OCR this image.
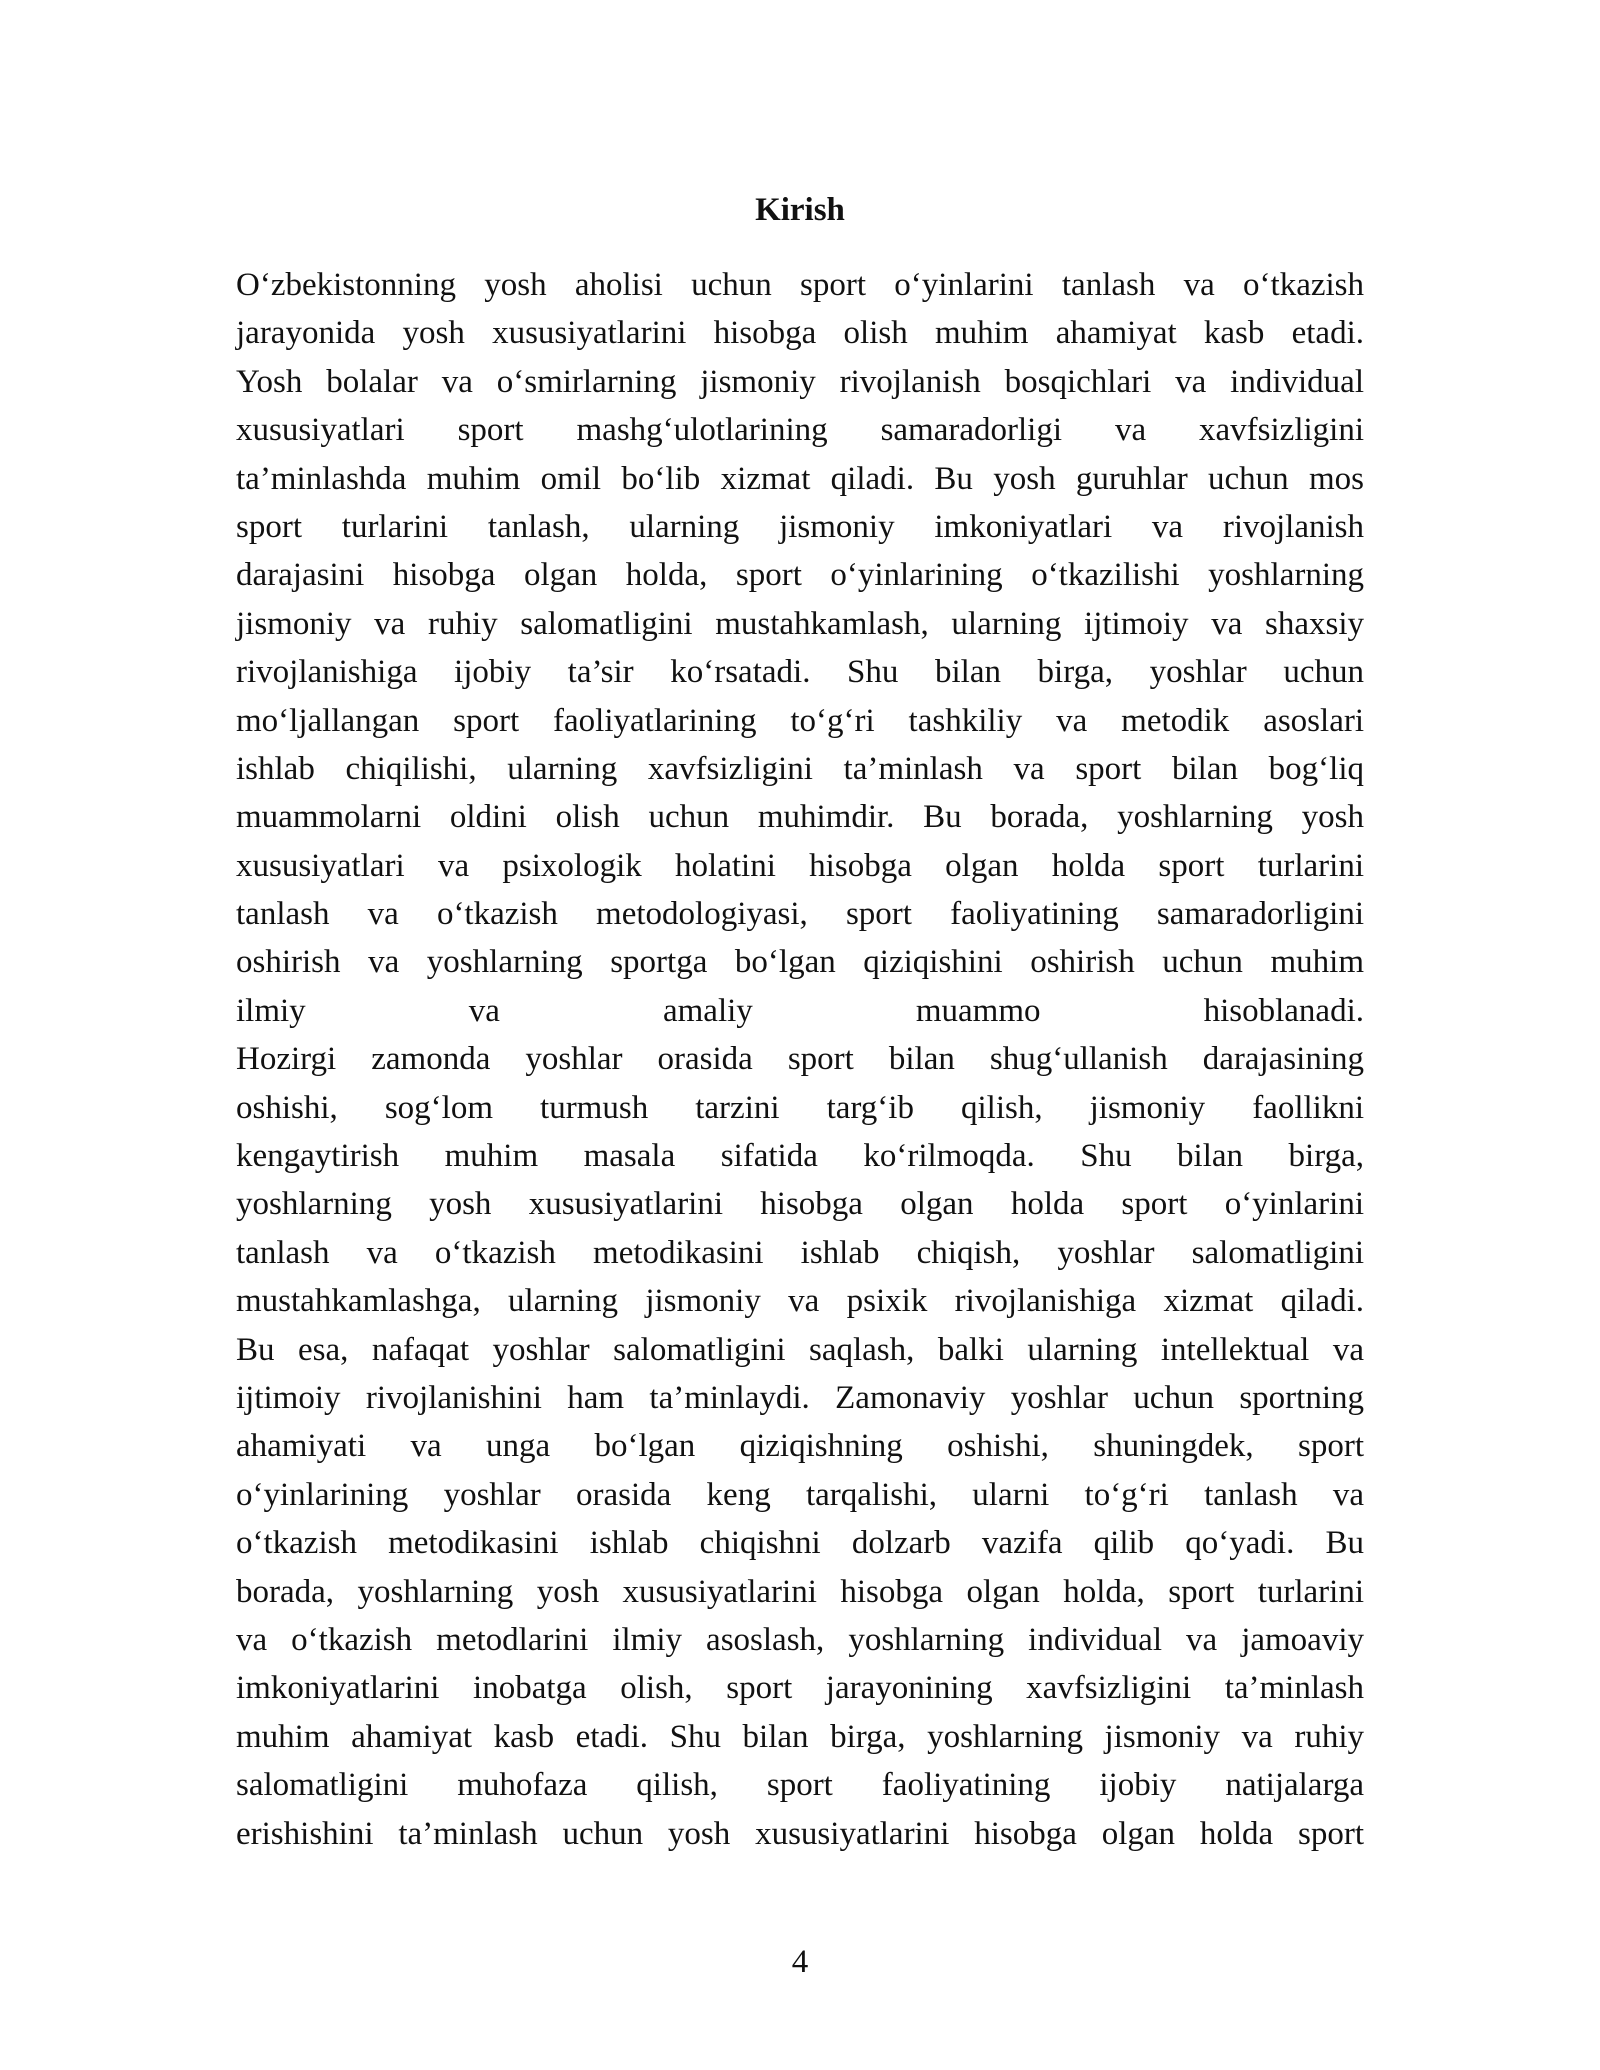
Kirish
O‘zbekistonning yosh aholisi uchun sport o‘yinlarini tanlash va o‘tkazish
jarayonida yosh xususiyatlarini hisobga olish muhim ahamiyat kasb etadi.
Yosh bolalar va o‘smirlarning jismoniy rivojlanish bosqichlari va individual
xususiyatlari sport mashg‘ulotlarining samaradorligi va xavfsizligini
ta’minlashda muhim omil bo‘lib xizmat qiladi. Bu yosh guruhlar uchun mos
sport turlarini tanlash, ularning jismoniy imkoniyatlari va rivojlanish
darajasini hisobga olgan holda, sport o‘yinlarining o‘tkazilishi yoshlarning
jismoniy va ruhiy salomatligini mustahkamlash, ularning ijtimoiy va shaxsiy
rivojlanishiga ijobiy ta’sir ko‘rsatadi. Shu bilan birga, yoshlar uchun
mo‘ljallangan sport faoliyatlarining to‘g‘ri tashkiliy va metodik asoslari
ishlab chiqilishi, ularning xavfsizligini ta’minlash va sport bilan bog‘liq
muammolarni oldini olish uchun muhimdir. Bu borada, yoshlarning yosh
xususiyatlari va psixologik holatini hisobga olgan holda sport turlarini
tanlash va o‘tkazish metodologiyasi, sport faoliyatining samaradorligini
oshirish va yoshlarning sportga bo‘lgan qiziqishini oshirish uchun muhim
ilmiy va amaliy muammo hisoblanadi.
Hozirgi zamonda yoshlar orasida sport bilan shug‘ullanish darajasining
oshishi, sog‘lom turmush tarzini targ‘ib qilish, jismoniy faollikni
kengaytirish muhim masala sifatida ko‘rilmoqda. Shu bilan birga,
yoshlarning yosh xususiyatlarini hisobga olgan holda sport o‘yinlarini
tanlash va o‘tkazish metodikasini ishlab chiqish, yoshlar salomatligini
mustahkamlashga, ularning jismoniy va psixik rivojlanishiga xizmat qiladi.
Bu esa, nafaqat yoshlar salomatligini saqlash, balki ularning intellektual va
ijtimoiy rivojlanishini ham ta’minlaydi. Zamonaviy yoshlar uchun sportning
ahamiyati va unga bo‘lgan qiziqishning oshishi, shuningdek, sport
o‘yinlarining yoshlar orasida keng tarqalishi, ularni to‘g‘ri tanlash va
o‘tkazish metodikasini ishlab chiqishni dolzarb vazifa qilib qo‘yadi. Bu
borada, yoshlarning yosh xususiyatlarini hisobga olgan holda, sport turlarini
va o‘tkazish metodlarini ilmiy asoslash, yoshlarning individual va jamoaviy
imkoniyatlarini inobatga olish, sport jarayonining xavfsizligini ta’minlash
muhim ahamiyat kasb etadi. Shu bilan birga, yoshlarning jismoniy va ruhiy
salomatligini muhofaza qilish, sport faoliyatining ijobiy natijalarga
erishishini ta’minlash uchun yosh xususiyatlarini hisobga olgan holda sport
4
